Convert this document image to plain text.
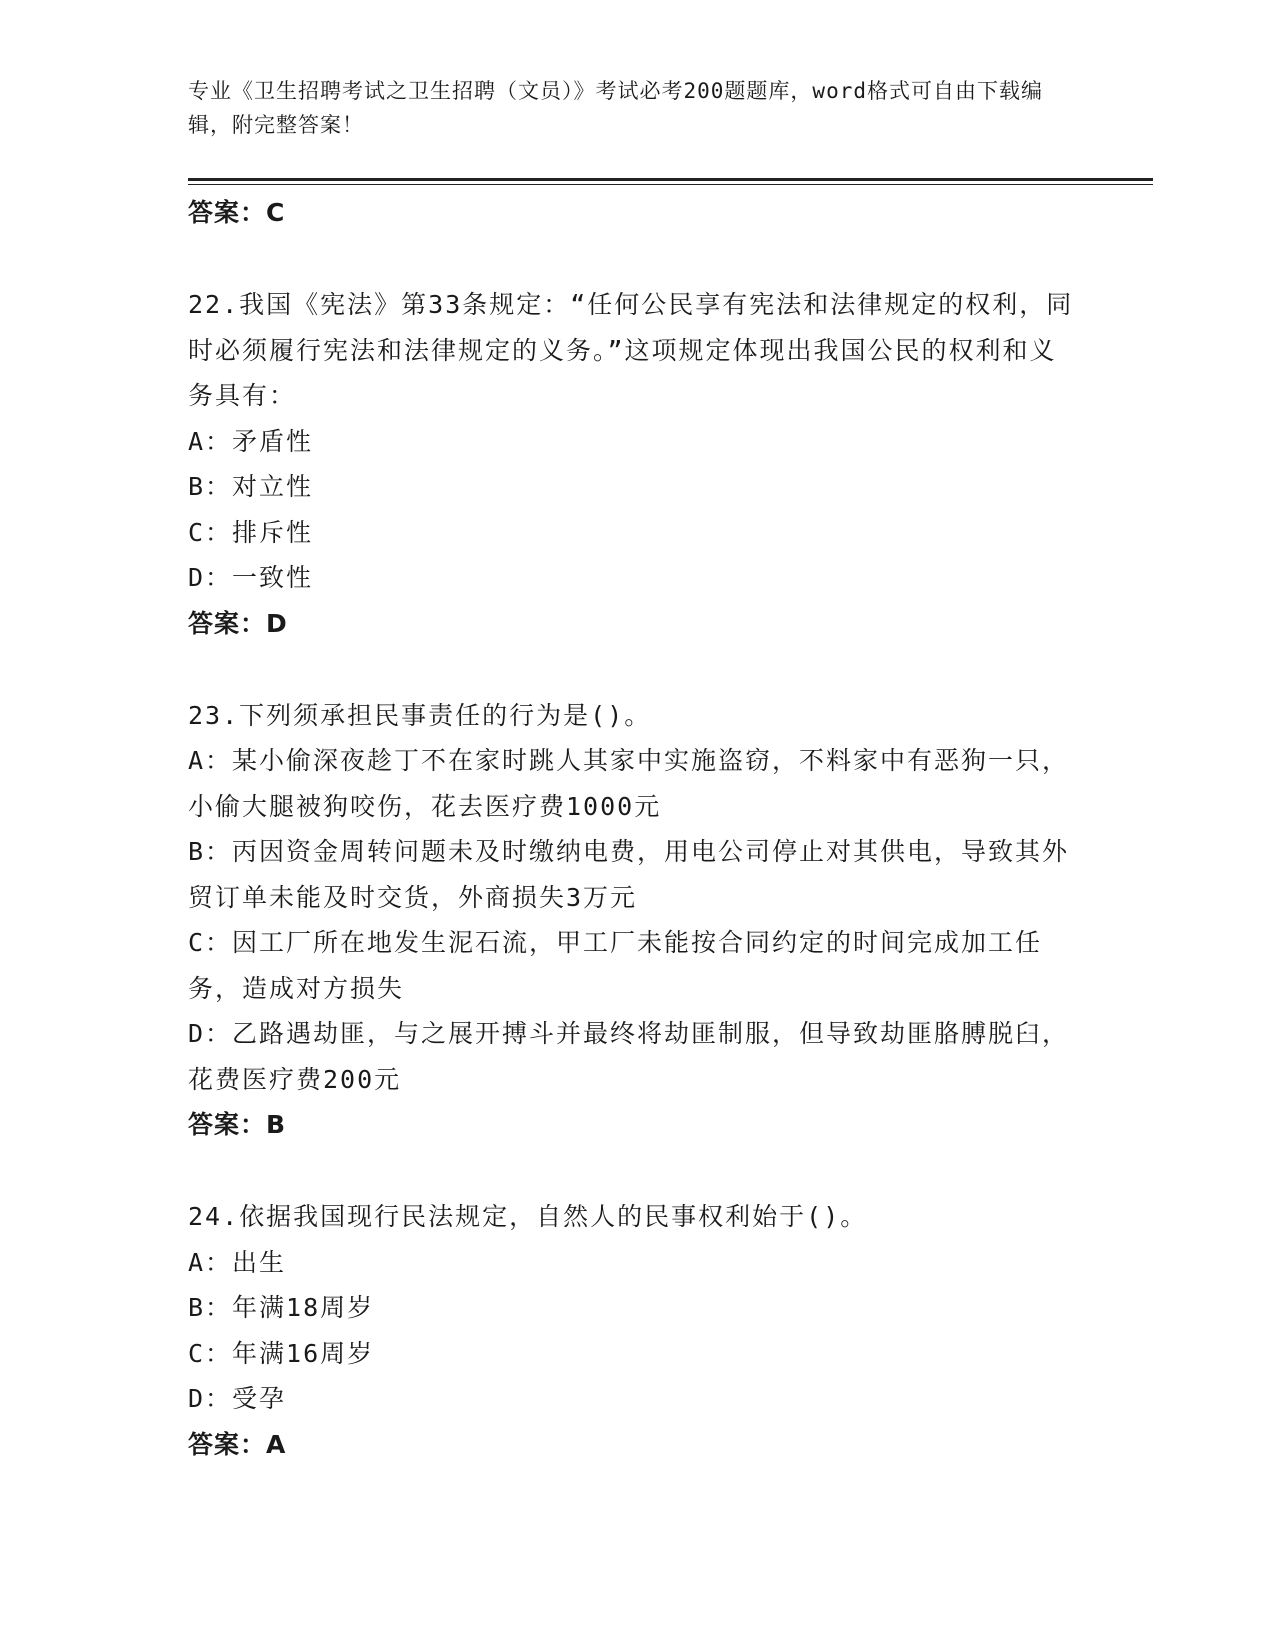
专业《卫生招聘考试之卫生招聘（文员）》考试必考200题题库，word格式可自由下载编辑，附完整答案！
答案：C
22.我国《宪法》第33条规定：“任何公民享有宪法和法律规定的权利，同时必须履行宪法和法律规定的义务。”这项规定体现出我国公民的权利和义务具有：
A：矛盾性
B：对立性
C：排斥性
D：一致性
答案：D
23.下列须承担民事责任的行为是()。
A：某小偷深夜趁丁不在家时跳人其家中实施盗窃，不料家中有恶狗一只，小偷大腿被狗咬伤，花去医疗费1000元
B：丙因资金周转问题未及时缴纳电费，用电公司停止对其供电，导致其外贸订单未能及时交货，外商损失3万元
C：因工厂所在地发生泥石流，甲工厂未能按合同约定的时间完成加工任务，造成对方损失
D：乙路遇劫匪，与之展开搏斗并最终将劫匪制服，但导致劫匪胳膊脱臼，花费医疗费200元
答案：B
24.依据我国现行民法规定，自然人的民事权利始于()。
A：出生
B：年满18周岁
C：年满16周岁
D：受孕
答案：A
